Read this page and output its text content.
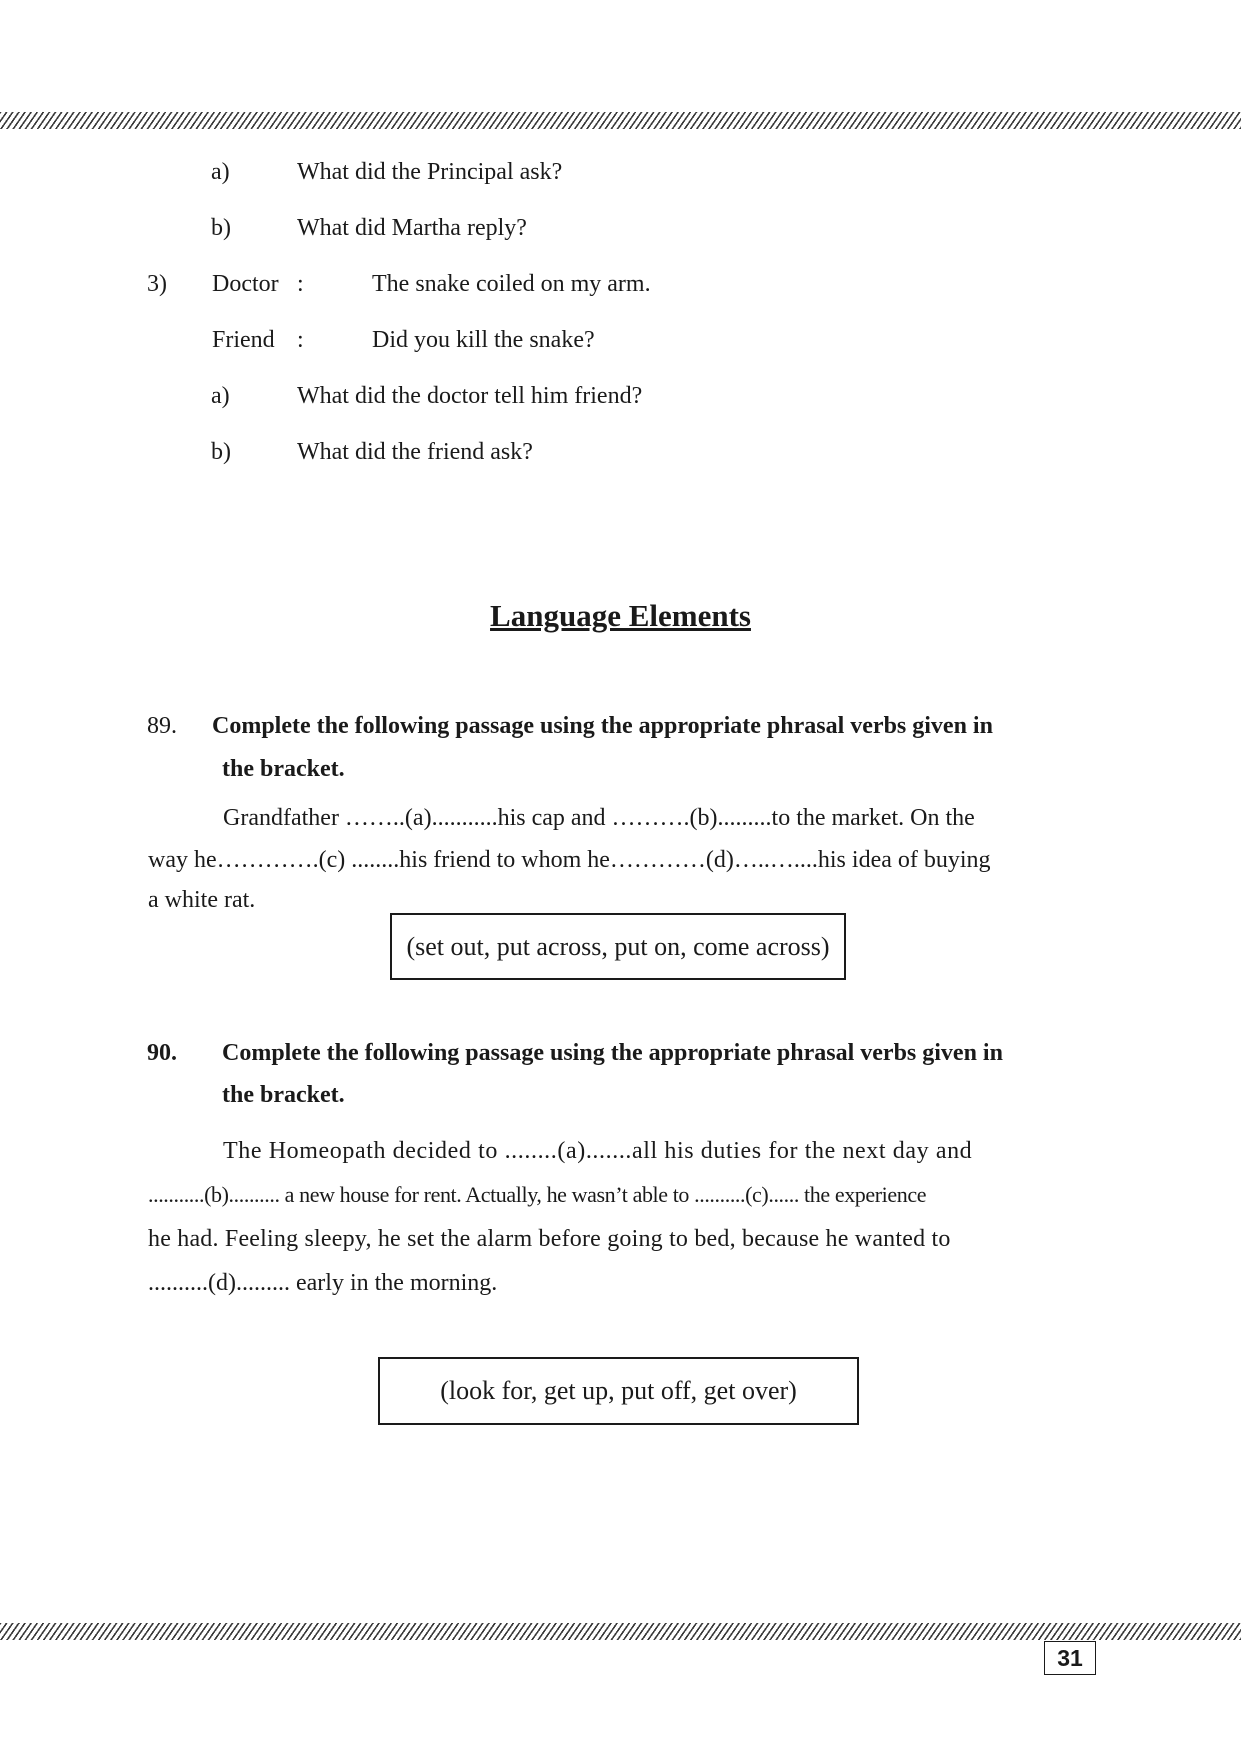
a)	What did the Principal ask?
b)	What did Martha reply?
3) Doctor :	The snake coiled on my arm.
Friend :	Did you kill the snake?
a)	What did the doctor tell him friend?
b)	What did the friend ask?
Language Elements
89. Complete the following passage using the appropriate phrasal verbs given in
the bracket.
Grandfather ……..(a)...........his cap and ……….(b).........to the market. On the
way he………….(c) ........his friend to whom he…………(d)…..…....his idea of buying
a white rat.
(set out, put across, put on, come across)
90. Complete the following passage using the appropriate phrasal verbs given in
the bracket.
The Homeopath decided to ........(a).......all his duties for the next day and
...........(b).......... a new house for rent. Actually, he wasn’t able to ..........(c)...... the experience
he had. Feeling sleepy, he set the alarm before going to bed, because he wanted to
..........(d)......... early in the morning.
(look for, get up, put off, get over)
31
